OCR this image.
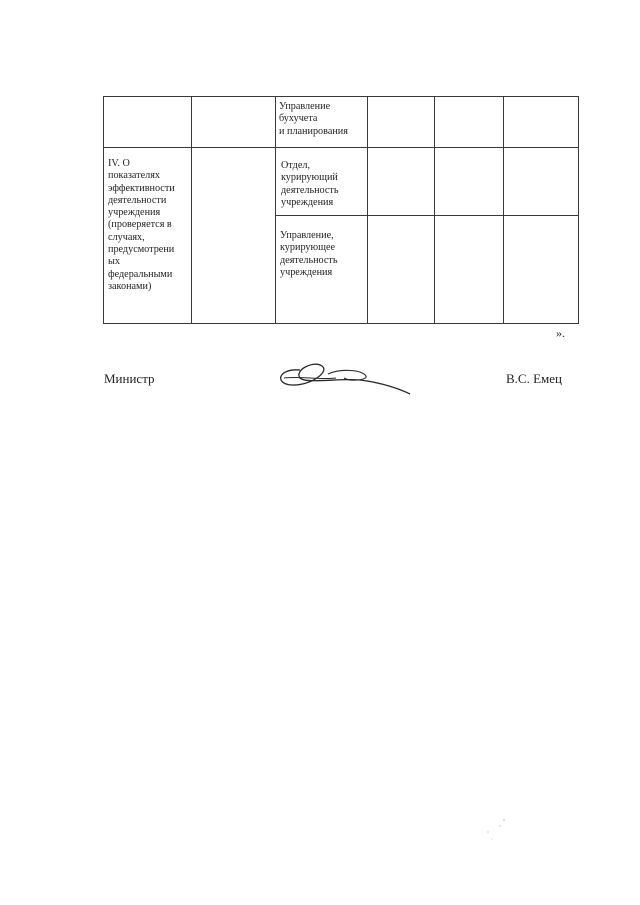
Управление
бухучета
и планирования

IV. О
показателях
эффективности
деятельности
учреждения
(проверяется в
случаях,
предусмотрени
ых
федеральными
законами)

Отдел,
курирующий
деятельность
учреждения

Управление,
курирующее
деятельность
учреждения

».
Министр	В.С. Емец
